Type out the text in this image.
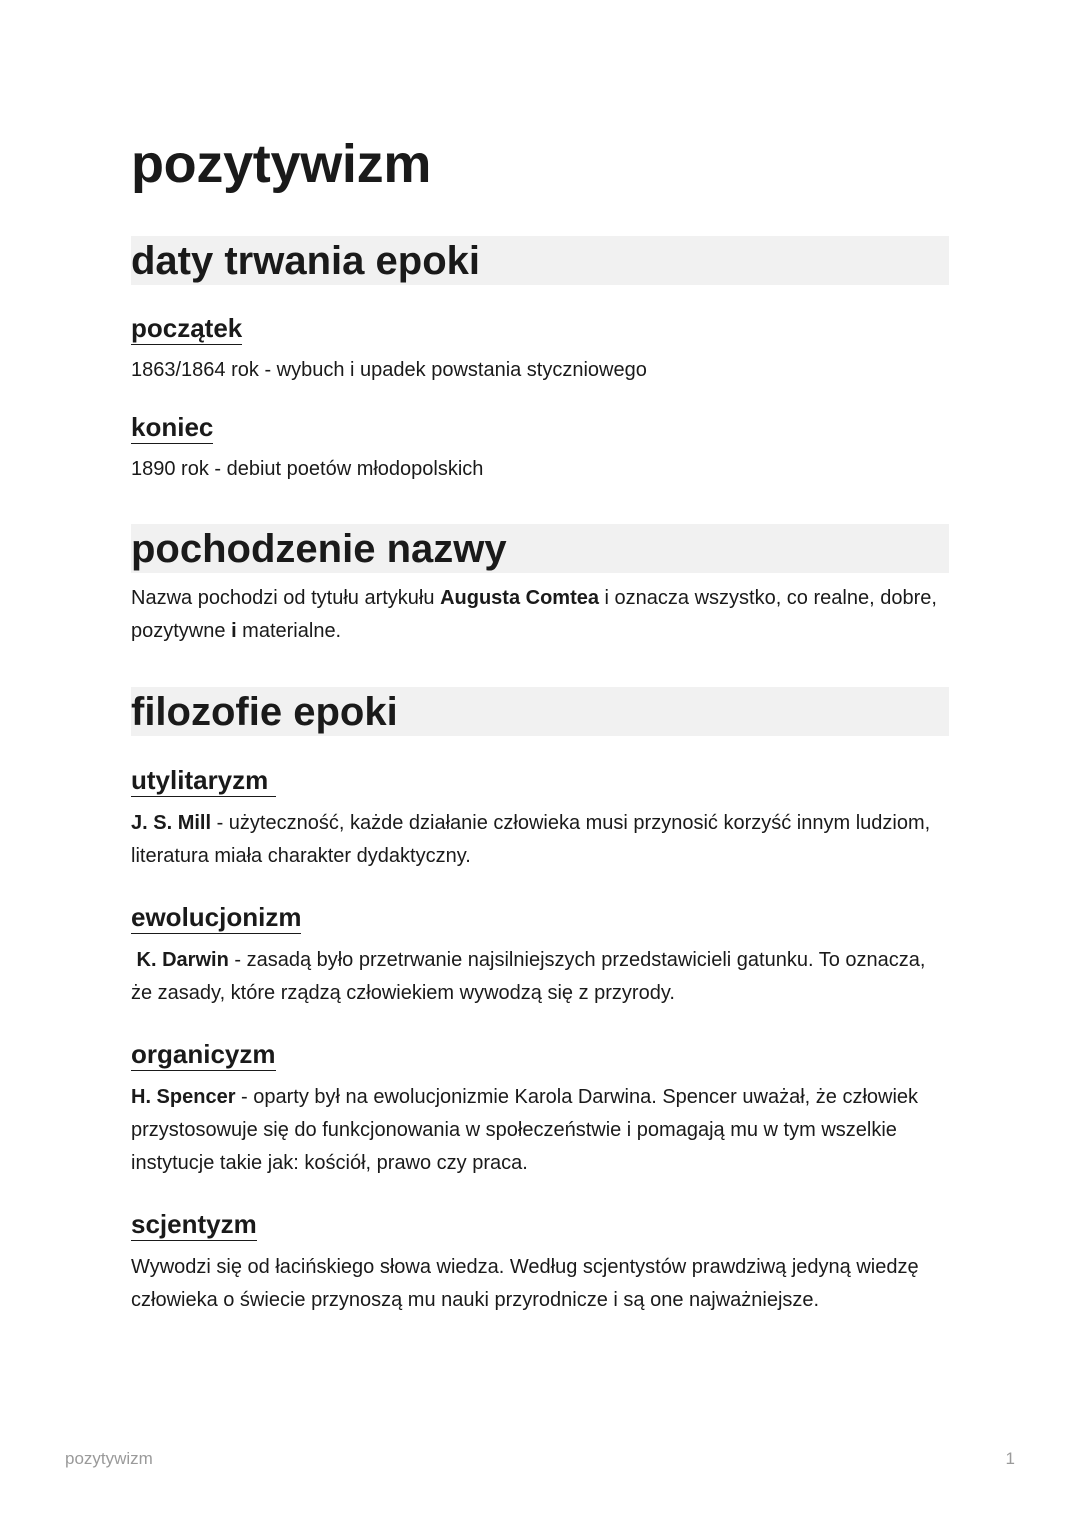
pozytywizm
daty trwania epoki
początek

1863/1864 rok - wybuch i upadek powstania styczniowego

koniec

1890 rok - debiut poetów młodopolskich

pochodzenie nazwy

Nazwa pochodzi od tytułu artykułu Augusta Comtea i oznacza wszystko, co realne, dobre, pozytywne i materialne.

filozofie epoki
utylitaryzm

J. S. Mill - użyteczność, każde działanie człowieka musi przynosić korzyść innym ludziom, literatura miała charakter dydaktyczny.

ewolucjonizm

K. Darwin - zasadą było przetrwanie najsilniejszych przedstawicieli gatunku. To oznacza, że zasady, które rządzą człowiekiem wywodzą się z przyrody.

organicyzm

H. Spencer - oparty był na ewolucjonizmie Karola Darwina. Spencer uważał, że człowiek przystosowuje się do funkcjonowania w społeczeństwie i pomagają mu w tym wszelkie instytucje takie jak: kościół, prawo czy praca.

scjentyzm

Wywodzi się od łacińskiego słowa wiedza. Według scjentystów prawdziwą jedyną wiedzę człowieka o świecie przynoszą mu nauki przyrodnicze i są one najważniejsze.

pozytywizm	1
